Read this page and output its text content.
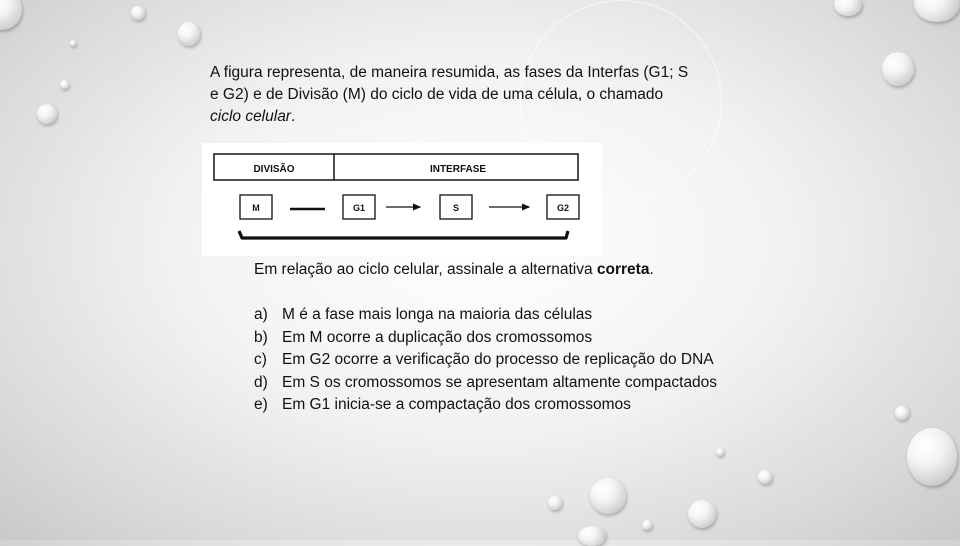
A figura representa, de maneira resumida, as fases da Interfas (G1; S e G2) e de Divisão (M) do ciclo de vida de uma célula, o chamado ciclo celular.

DIVISÃO	INTERFASE
M	G1	S	G2

Em relação ao ciclo celular, assinale a alternativa correta.

a) M é a fase mais longa na maioria das células
b) Em M ocorre a duplicação dos cromossomos
c) Em G2 ocorre a verificação do processo de replicação do DNA
d) Em S os cromossomos se apresentam altamente compactados
e) Em G1 inicia-se a compactação dos cromossomos
